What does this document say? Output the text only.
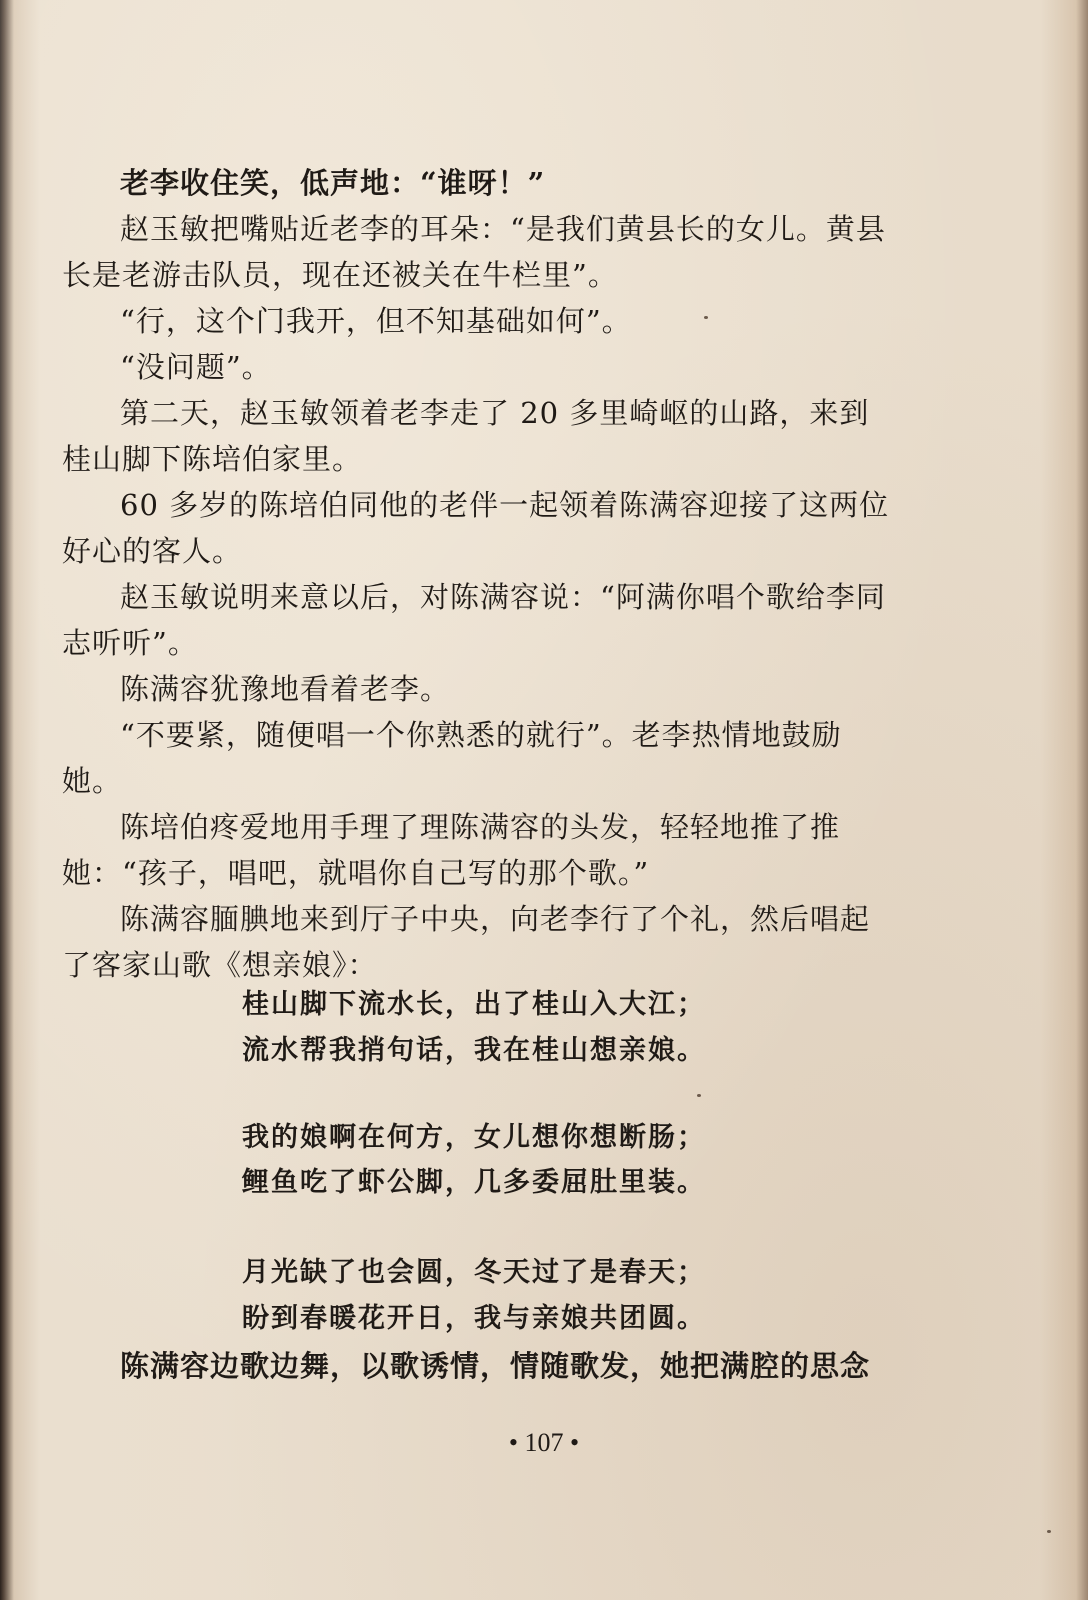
老李收住笑，低声地：“谁呀！”

赵玉敏把嘴贴近老李的耳朵：“是我们黄县长的女儿。黄县长是老游击队员，现在还被关在牛栏里”。

“行，这个门我开，但不知基础如何”。

“没问题”。

第二天，赵玉敏领着老李走了 20 多里崎岖的山路，来到桂山脚下陈培伯家里。

60 多岁的陈培伯同他的老伴一起领着陈满容迎接了这两位好心的客人。

赵玉敏说明来意以后，对陈满容说：“阿满你唱个歌给李同志听听”。

陈满容犹豫地看着老李。

“不要紧，随便唱一个你熟悉的就行”。老李热情地鼓励她。

陈培伯疼爱地用手理了理陈满容的头发，轻轻地推了推她：“孩子，唱吧，就唱你自己写的那个歌。”

陈满容腼腆地来到厅子中央，向老李行了个礼，然后唱起了客家山歌《想亲娘》：

桂山脚下流水长，出了桂山入大江；
流水帮我捎句话，我在桂山想亲娘。
我的娘啊在何方，女儿想你想断肠；
鲤鱼吃了虾公脚，几多委屈肚里装。
月光缺了也会圆，冬天过了是春天；
盼到春暖花开日，我与亲娘共团圆。

陈满容边歌边舞，以歌诱情，情随歌发，她把满腔的思念

• 107 •
